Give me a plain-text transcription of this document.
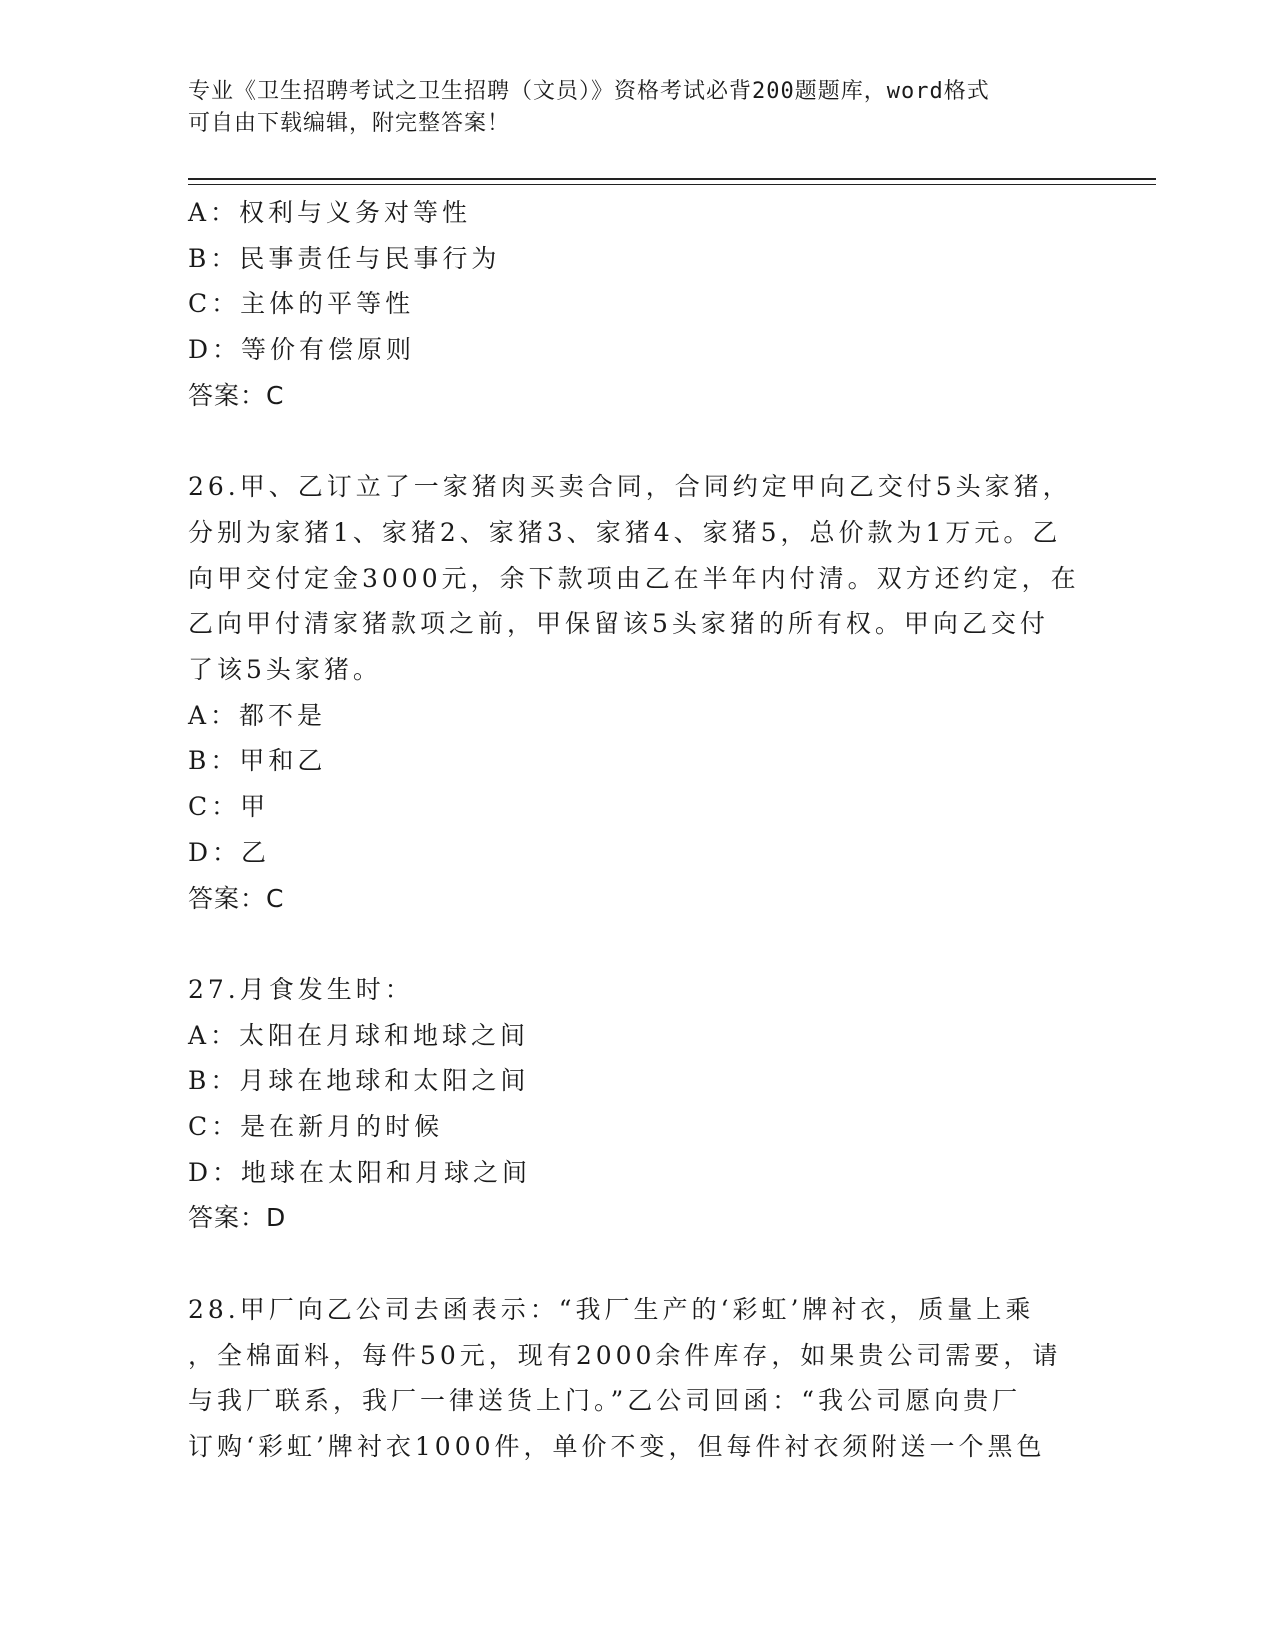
专业《卫生招聘考试之卫生招聘（文员）》资格考试必背200题题库，word格式
可自由下载编辑，附完整答案！
A：权利与义务对等性
B：民事责任与民事行为
C：主体的平等性
D：等价有偿原则
答案：C
26.甲、乙订立了一家猪肉买卖合同，合同约定甲向乙交付5头家猪，
分别为家猪1、家猪2、家猪3、家猪4、家猪5，总价款为1万元。乙
向甲交付定金3000元，余下款项由乙在半年内付清。双方还约定，在
乙向甲付清家猪款项之前，甲保留该5头家猪的所有权。甲向乙交付
了该5头家猪。
A：都不是
B：甲和乙
C：甲
D：乙
答案：C
27.月食发生时：
A：太阳在月球和地球之间
B：月球在地球和太阳之间
C：是在新月的时候
D：地球在太阳和月球之间
答案：D
28.甲厂向乙公司去函表示：“我厂生产的‘彩虹’牌衬衣，质量上乘
，全棉面料，每件50元，现有2000余件库存，如果贵公司需要，请
与我厂联系，我厂一律送货上门。”乙公司回函：“我公司愿向贵厂
订购‘彩虹’牌衬衣1000件，单价不变，但每件衬衣须附送一个黑色
